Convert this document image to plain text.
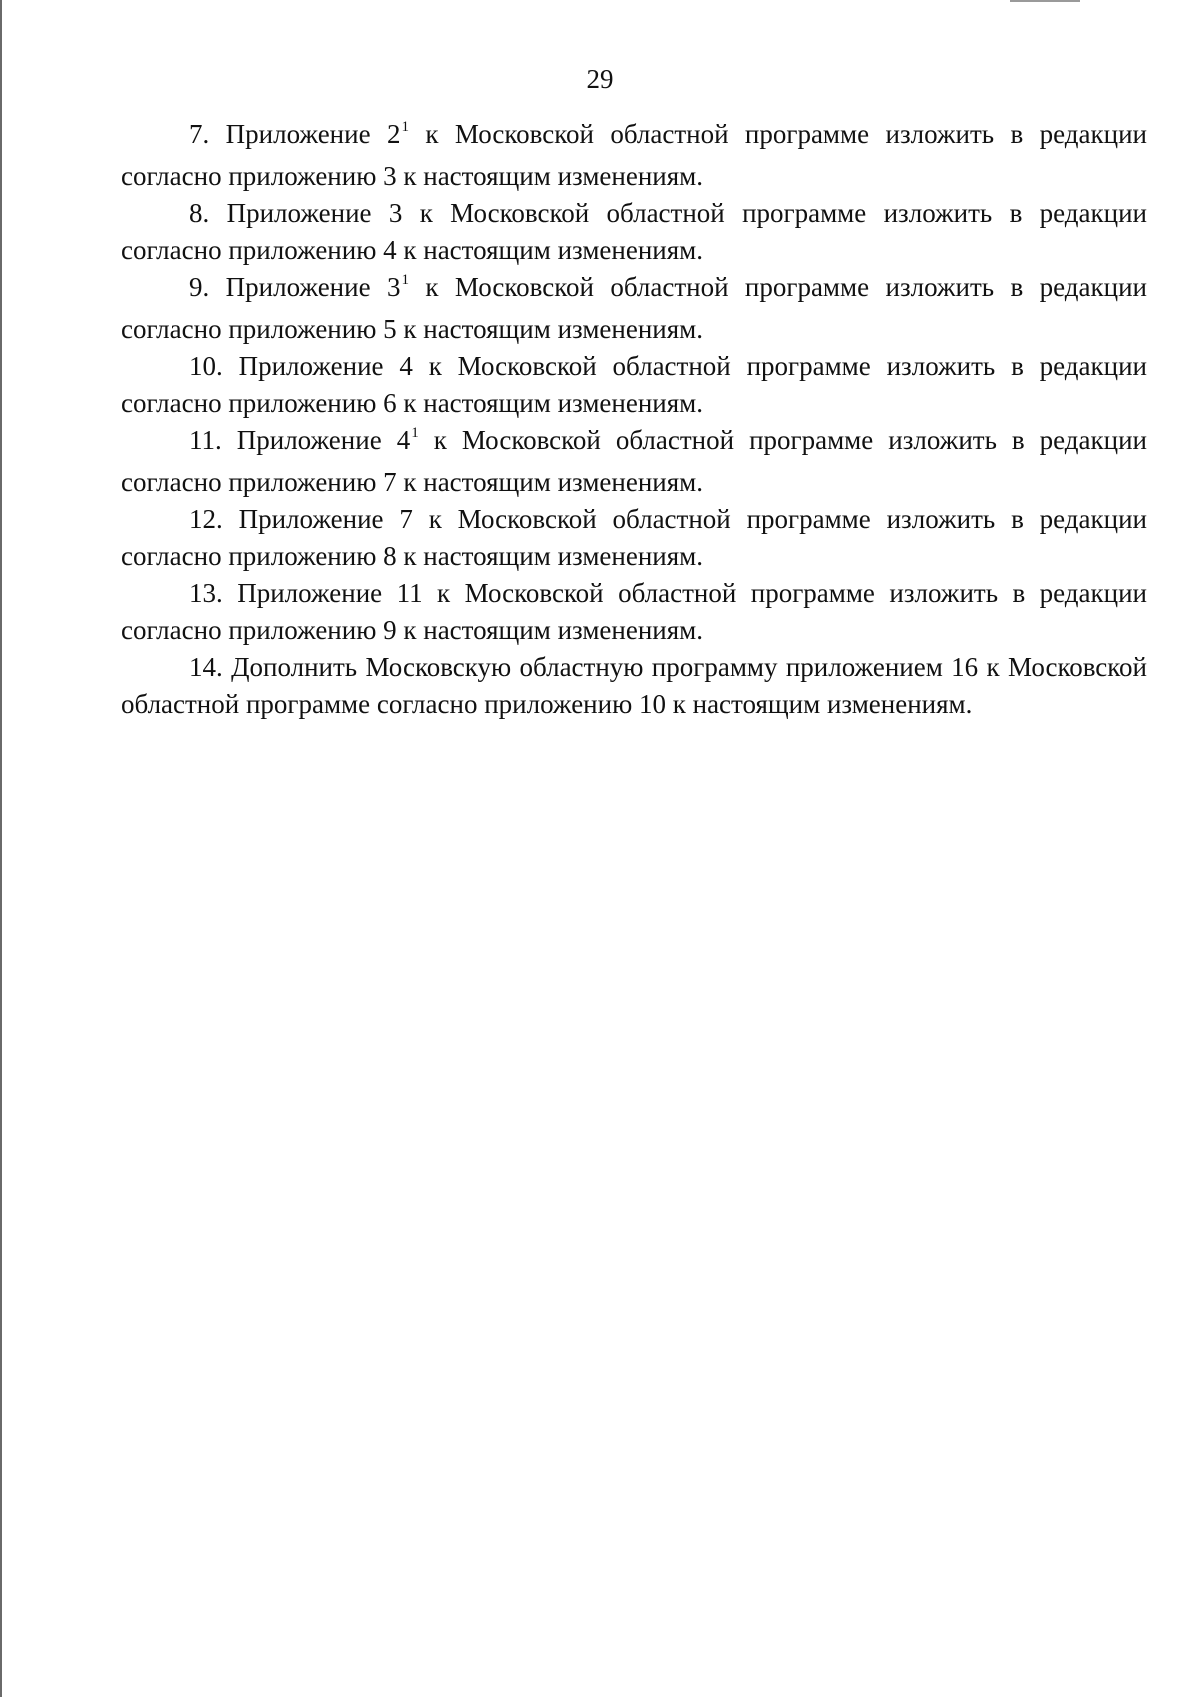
29

7. Приложение $2^1$ к Московской областной программе изложить в редакции согласно приложению 3 к настоящим изменениям.

8. Приложение 3 к Московской областной программе изложить в редакции согласно приложению 4 к настоящим изменениям.

9. Приложение $3^1$ к Московской областной программе изложить в редакции согласно приложению 5 к настоящим изменениям.

10. Приложение 4 к Московской областной программе изложить в редакции согласно приложению 6 к настоящим изменениям.

11. Приложение $4^1$ к Московской областной программе изложить в редакции согласно приложению 7 к настоящим изменениям.

12. Приложение 7 к Московской областной программе изложить в редакции согласно приложению 8 к настоящим изменениям.

13. Приложение 11 к Московской областной программе изложить в редакции согласно приложению 9 к настоящим изменениям.

14. Дополнить Московскую областную программу приложением 16 к Московской областной программе согласно приложению 10 к настоящим изменениям.
